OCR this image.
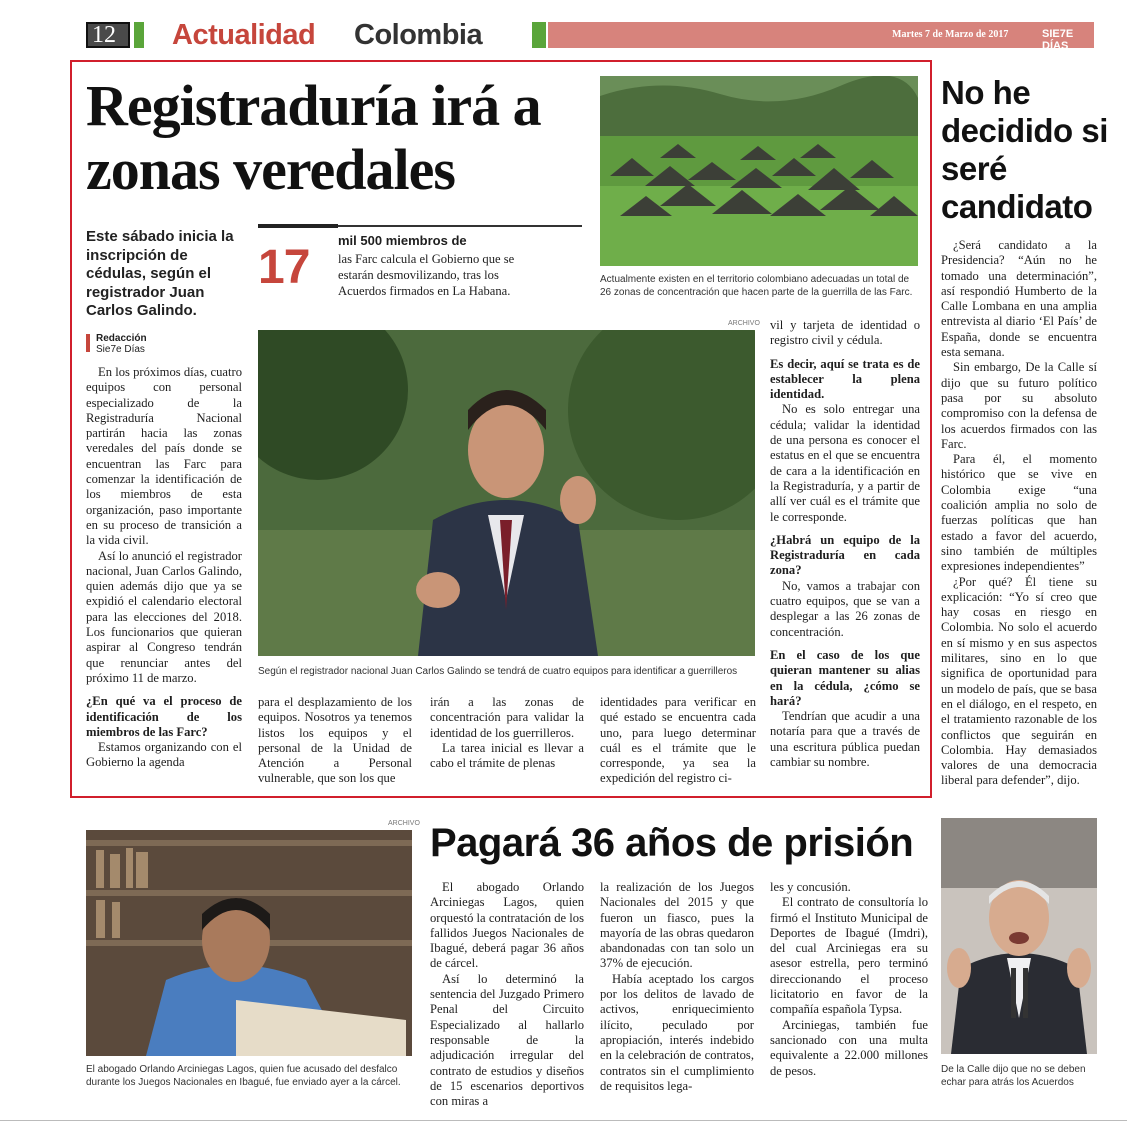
12 Actualidad Colombia	Martes 7 de Marzo de 2017	SIE7E DÍAS
Registraduría irá a zonas veredales
Este sábado inicia la inscripción de cédulas, según el registrador Juan Carlos Galindo.
Redacción
Sie7e Días
17
mil 500 miembros de
las Farc calcula el Gobierno que se estarán desmovilizando, tras los Acuerdos firmados en La Habana.
Actualmente existen en el territorio colombiano adecuadas un total de 26 zonas de concentración que hacen parte de la guerrilla de las Farc.
ARCHIVO
Según el registrador nacional Juan Carlos Galindo se tendrá de cuatro equipos para identificar a guerrilleros

En los próximos días, cuatro equipos con personal especializado de la Registraduría Nacional partirán hacia las zonas veredales del país donde se encuentran las Farc para comenzar la identificación de los miembros de esta organización, paso importante en su proceso de transición a la vida civil.

Así lo anunció el registrador nacional, Juan Carlos Galindo, quien además dijo que ya se expidió el calendario electoral para las elecciones del 2018. Los funcionarios que quieran aspirar al Congreso tendrán que renunciar antes del próximo 11 de marzo.

¿En qué va el proceso de identificación de los miembros de las Farc?

Estamos organizando con el Gobierno la agenda

para el desplazamiento de los equipos. Nosotros ya tenemos listos los equipos y el personal de la Unidad de Atención a Personal vulnerable, que son los que

irán a las zonas de concentración para validar la identidad de los guerrilleros.

La tarea inicial es llevar a cabo el trámite de plenas

identidades para verificar en qué estado se encuentra cada uno, para luego determinar cuál es el trámite que le corresponde, ya sea la expedición del registro ci-

vil y tarjeta de identidad o registro civil y cédula.

Es decir, aquí se trata es de establecer la plena identidad.

No es solo entregar una cédula; validar la identidad de una persona es conocer el estatus en el que se encuentra de cara a la identificación en la Registraduría, y a partir de allí ver cuál es el trámite que le corresponde.

¿Habrá un equipo de la Registraduría en cada zona?

No, vamos a trabajar con cuatro equipos, que se van a desplegar a las 26 zonas de concentración.

En el caso de los que quieran mantener su alias en la cédula, ¿cómo se hará?

Tendrían que acudir a una notaría para que a través de una escritura pública puedan cambiar su nombre.

No he decidido si seré candidato

¿Será candidato a la Presidencia? “Aún no he tomado una determinación”, así respondió Humberto de la Calle Lombana en una amplia entrevista al diario ‘El País’ de España, donde se encuentra esta semana.

Sin embargo, De la Calle sí dijo que su futuro político pasa por su absoluto compromiso con la defensa de los acuerdos firmados con las Farc.

Para él, el momento histórico que se vive en Colombia exige “una coalición amplia no solo de fuerzas políticas que han estado a favor del acuerdo, sino también de múltiples expresiones independientes”

¿Por qué? Él tiene su explicación: “Yo sí creo que hay cosas en riesgo en Colombia. No solo el acuerdo en sí mismo y en sus aspectos militares, sino en lo que significa de oportunidad para un modelo de país, que se basa en el diálogo, en el respeto, en el tratamiento razonable de los conflictos que seguirán en Colombia. Hay demasiados valores de una democracia liberal para defender”, dijo.

ARCHIVO
El abogado Orlando Arciniegas Lagos, quien fue acusado del desfalco durante los Juegos Nacionales en Ibagué, fue enviado ayer a la cárcel.
Pagará 36 años de prisión

El abogado Orlando Arciniegas Lagos, quien orquestó la contratación de los fallidos Juegos Nacionales de Ibagué, deberá pagar 36 años de cárcel.

Así lo determinó la sentencia del Juzgado Primero Penal del Circuito Especializado al hallarlo responsable de la adjudicación irregular del contrato de estudios y diseños de 15 escenarios deportivos con miras a

la realización de los Juegos Nacionales del 2015 y que fueron un fiasco, pues la mayoría de las obras quedaron abandonadas con tan solo un 37% de ejecución.

Había aceptado los cargos por los delitos de lavado de activos, enriquecimiento ilícito, peculado por apropiación, interés indebido en la celebración de contratos, contratos sin el cumplimiento de requisitos lega-

les y concusión.

El contrato de consultoría lo firmó el Instituto Municipal de Deportes de Ibagué (Imdri), del cual Arciniegas era su asesor estrella, pero terminó direccionando el proceso licitatorio en favor de la compañía española Typsa.

Arciniegas, también fue sancionado con una multa equivalente a 22.000 millones de pesos.	De la Calle dijo que no se deben echar para atrás los Acuerdos
